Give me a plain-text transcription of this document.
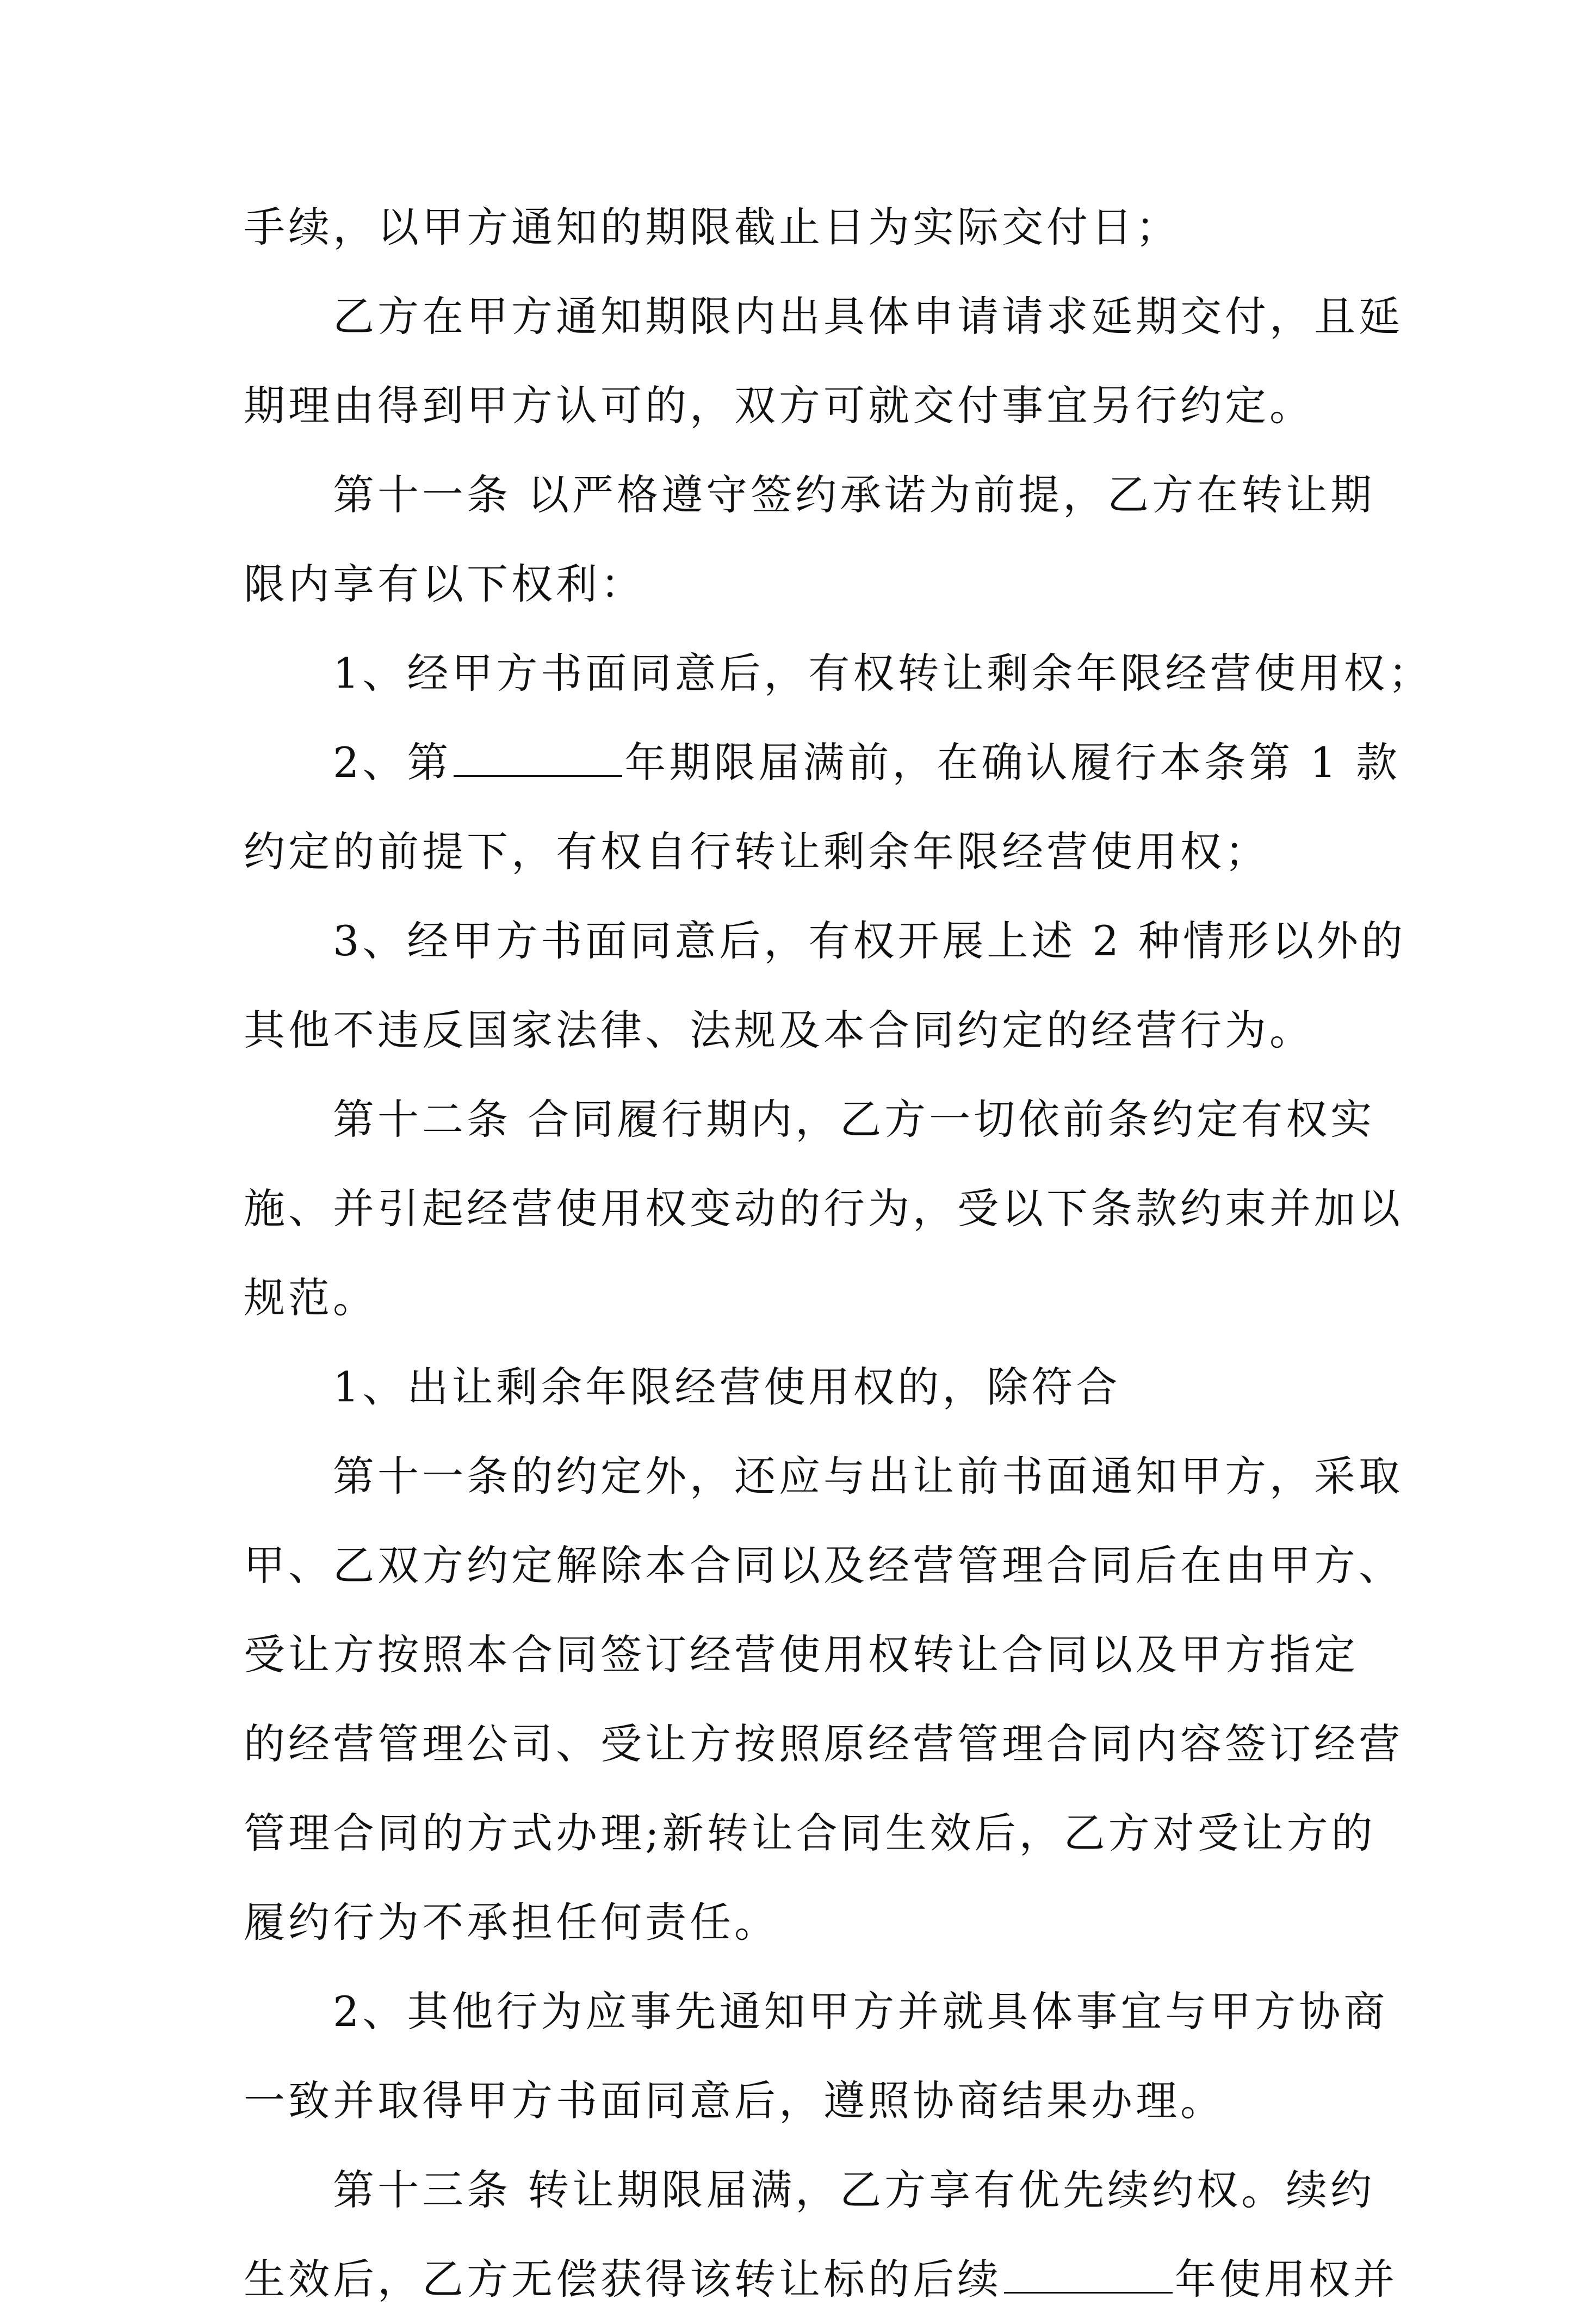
手续，以甲方通知的期限截止日为实际交付日；
乙方在甲方通知期限内出具体申请请求延期交付，且延
期理由得到甲方认可的，双方可就交付事宜另行约定。
第十一条 以严格遵守签约承诺为前提，乙方在转让期
限内享有以下权利：
1、经甲方书面同意后，有权转让剩余年限经营使用权；
2、第	年期限届满前，在确认履行本条第 1 款
约定的前提下，有权自行转让剩余年限经营使用权；
3、经甲方书面同意后，有权开展上述 2 种情形以外的
其他不违反国家法律、法规及本合同约定的经营行为。
第十二条 合同履行期内，乙方一切依前条约定有权实
施、并引起经营使用权变动的行为，受以下条款约束并加以
规范。
1、出让剩余年限经营使用权的，除符合
第十一条的约定外，还应与出让前书面通知甲方，采取
甲、乙双方约定解除本合同以及经营管理合同后在由甲方、
受让方按照本合同签订经营使用权转让合同以及甲方指定
的经营管理公司、受让方按照原经营管理合同内容签订经营
管理合同的方式办理;新转让合同生效后，乙方对受让方的
履约行为不承担任何责任。
2、其他行为应事先通知甲方并就具体事宜与甲方协商
一致并取得甲方书面同意后，遵照协商结果办理。
第十三条 转让期限届满，乙方享有优先续约权。续约
生效后，乙方无偿获得该转让标的后续	年使用权并
